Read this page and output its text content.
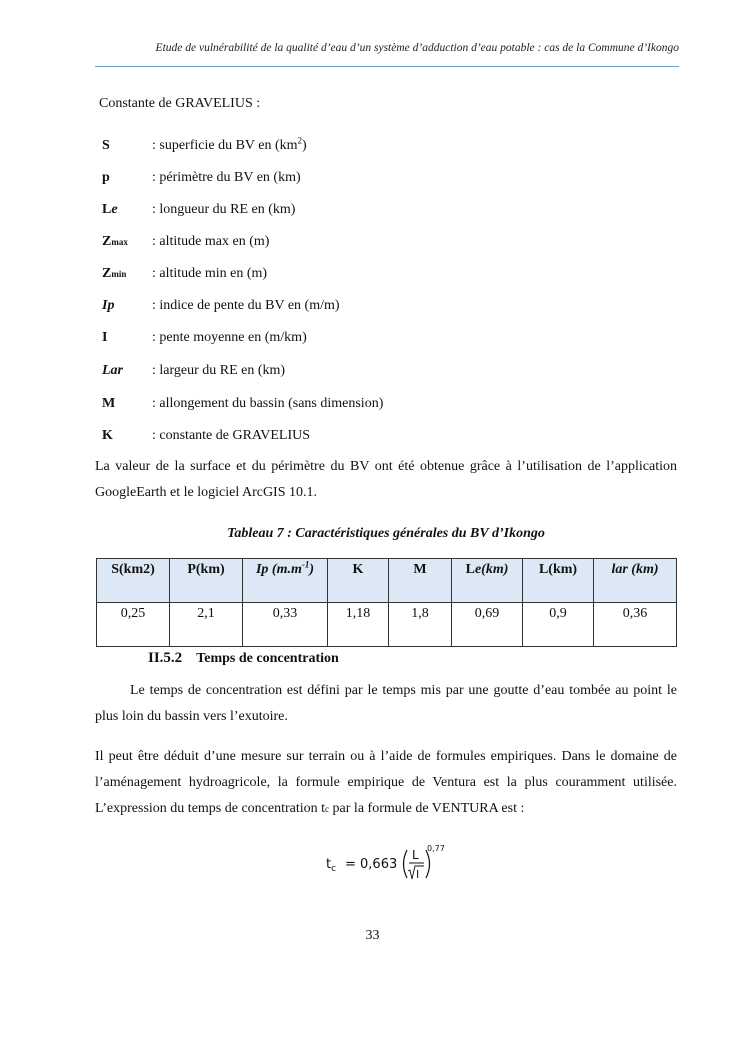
Etude de vulnérabilité de la qualité d’eau d’un système d’adduction d’eau potable : cas de la Commune d’Ikongo
Constante de GRAVELIUS :
S	: superficie du BV en $(km^2)$
p	: périmètre du BV en (km)
Le : longueur du RE en (km)
Zmax : altitude max en (m)
Zmin : altitude min en (m)
Ip	: indice de pente du BV en (m/m)
I	: pente moyenne en (m/km)
Lar : largeur du RE en (km)
M	: allongement du bassin (sans dimension)
K	: constante de GRAVELIUS
La valeur de la surface et du périmètre du BV ont été obtenue grâce à l’utilisation de l’application GoogleEarth et le logiciel ArcGIS 10.1.
Tableau 7 : Caractéristiques générales du BV d’Ikongo
S(km2)	P(km)	Ip $(m.m^{-1})$	K	M	Le(km)	L(km)	lar (km)
0,25	2,1	0,33	1,18	1,8	0,69	0,9	0,36
II.5.2 Temps de concentration
Le temps de concentration est défini par le temps mis par une goutte d’eau tombée au point le plus loin du bassin vers l’exutoire.
Il peut être déduit d’une mesure sur terrain ou à l’aide de formules empiriques. Dans le domaine de l’aménagement hydroagricole, la formule empirique de Ventura est la plus couramment utilisée. L’expression du temps de concentration tc par la formule de VENTURA est :
$t_c = 0,663$
L
I
0,77
33
